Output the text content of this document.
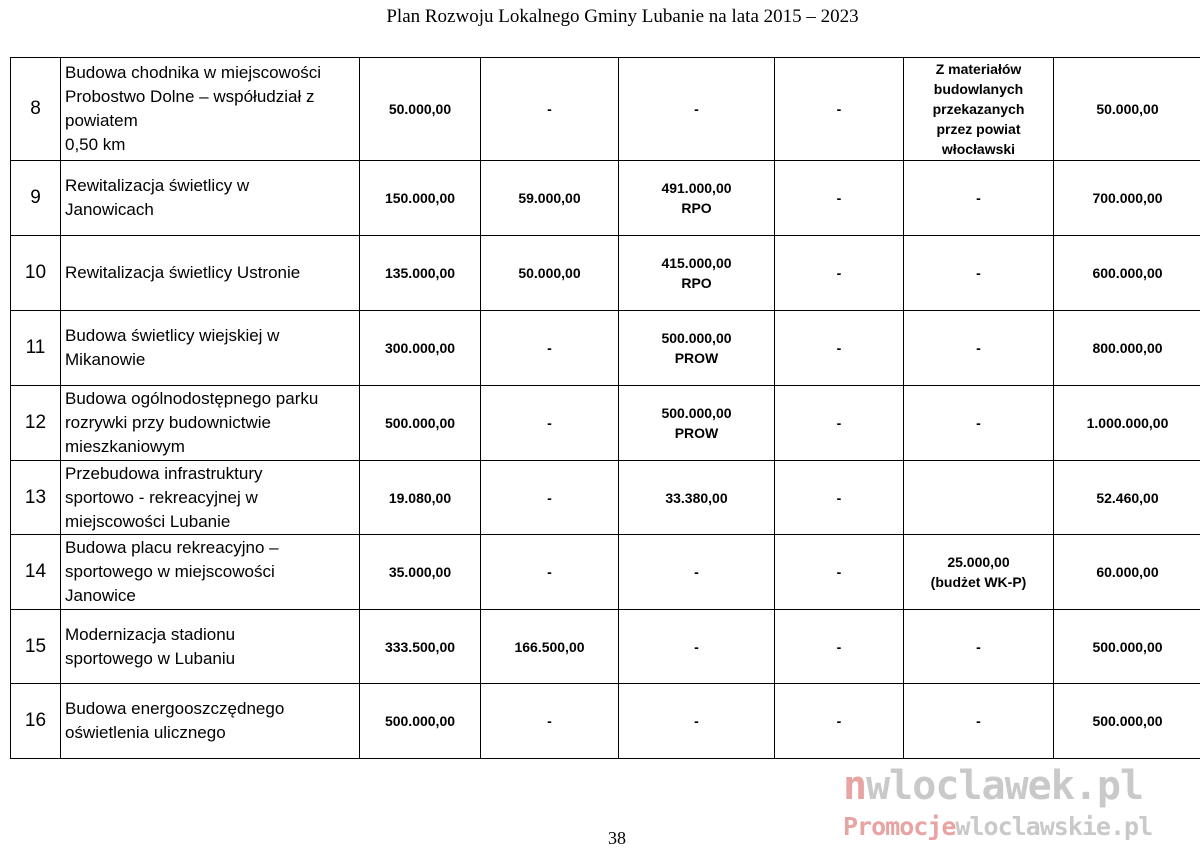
Plan Rozwoju Lokalnego Gminy Lubanie na lata 2015 – 2023
8	Budowa chodnika w miejscowości
Probostwo Dolne – współudział z
powiatem
0,50 km	50.000,00	-	-	-	Z materiałów
budowlanych
przekazanych
przez powiat
włocławski	50.000,00
9	Rewitalizacja świetlicy w
Janowicach	150.000,00	59.000,00	491.000,00
RPO	-	-	700.000,00
10	Rewitalizacja świetlicy Ustronie	135.000,00	50.000,00	415.000,00
RPO	-	-	600.000,00
11	Budowa świetlicy wiejskiej w
Mikanowie	300.000,00	-	500.000,00
PROW	-	-	800.000,00
12	Budowa ogólnodostępnego parku
rozrywki przy budownictwie
mieszkaniowym	500.000,00	-	500.000,00
PROW	-	-	1.000.000,00
13	Przebudowa infrastruktury
sportowo - rekreacyjnej w
miejscowości Lubanie	19.080,00	-	33.380,00	-		52.460,00
14	Budowa placu rekreacyjno –
sportowego w miejscowości
Janowice	35.000,00	-	-	-	25.000,00
(budżet WK-P)	60.000,00
15	Modernizacja stadionu
sportowego w Lubaniu	333.500,00	166.500,00	-	-	-	500.000,00
16	Budowa energooszczędnego
oświetlenia ulicznego	500.000,00	-	-	-	-	500.000,00
38
nwloclawek.pl
Promocjewloclawskie.pl
